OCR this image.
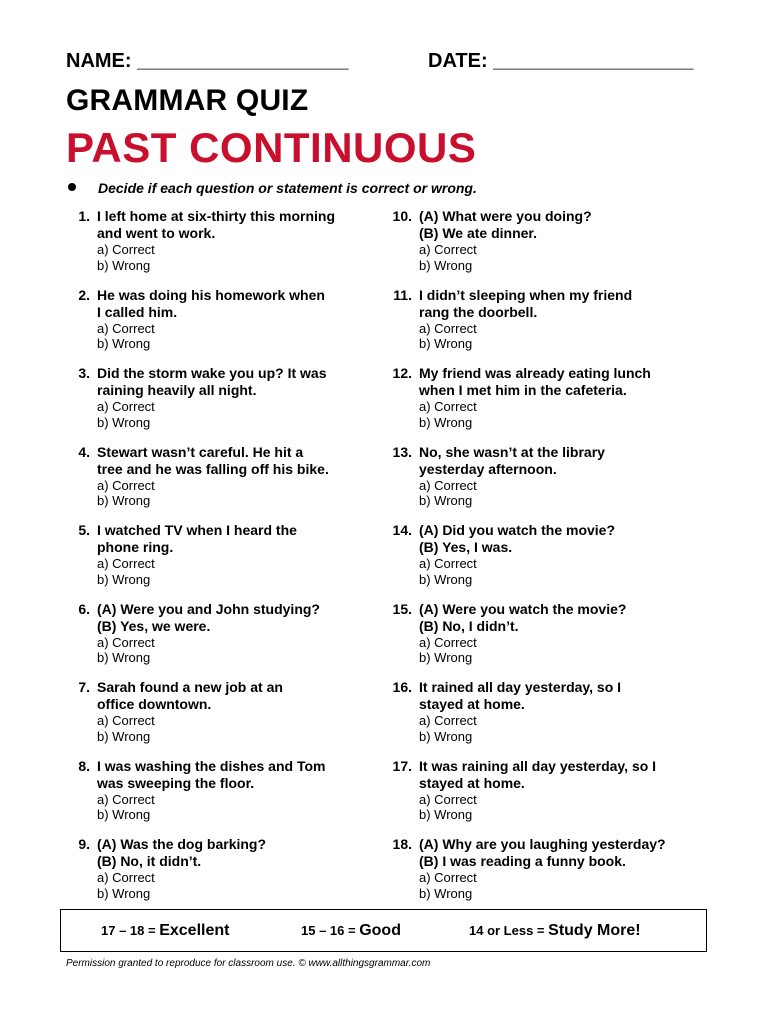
NAME: ___________________	DATE: __________________
GRAMMAR QUIZ
PAST CONTINUOUS
Decide if each question or statement is correct or wrong.
1. I left home at six-thirty this morning
and went to work.
a) Correct
b) Wrong
2. He was doing his homework when
I called him.
a) Correct
b) Wrong
3. Did the storm wake you up? It was
raining heavily all night.
a) Correct
b) Wrong
4. Stewart wasn’t careful. He hit a
tree and he was falling off his bike.
a) Correct
b) Wrong
5. I watched TV when I heard the
phone ring.
a) Correct
b) Wrong
6. (A) Were you and John studying?
(B) Yes, we were.
a) Correct
b) Wrong
7. Sarah found a new job at an
office downtown.
a) Correct
b) Wrong
8. I was washing the dishes and Tom
was sweeping the floor.
a) Correct
b) Wrong
9. (A) Was the dog barking?
(B) No, it didn’t.
a) Correct
b) Wrong
10. (A) What were you doing?
(B) We ate dinner.
a) Correct
b) Wrong
11. I didn’t sleeping when my friend
rang the doorbell.
a) Correct
b) Wrong
12. My friend was already eating lunch
when I met him in the cafeteria.
a) Correct
b) Wrong
13. No, she wasn’t at the library
yesterday afternoon.
a) Correct
b) Wrong
14. (A) Did you watch the movie?
(B) Yes, I was.
a) Correct
b) Wrong
15. (A) Were you watch the movie?
(B) No, I didn’t.
a) Correct
b) Wrong
16. It rained all day yesterday, so I
stayed at home.
a) Correct
b) Wrong
17. It was raining all day yesterday, so I
stayed at home.
a) Correct
b) Wrong
18. (A) Why are you laughing yesterday?
(B) I was reading a funny book.
a) Correct
b) Wrong
17 – 18 = Excellent	15 – 16 = Good	14 or Less = Study More!
Permission granted to reproduce for classroom use. © www.allthingsgrammar.com
